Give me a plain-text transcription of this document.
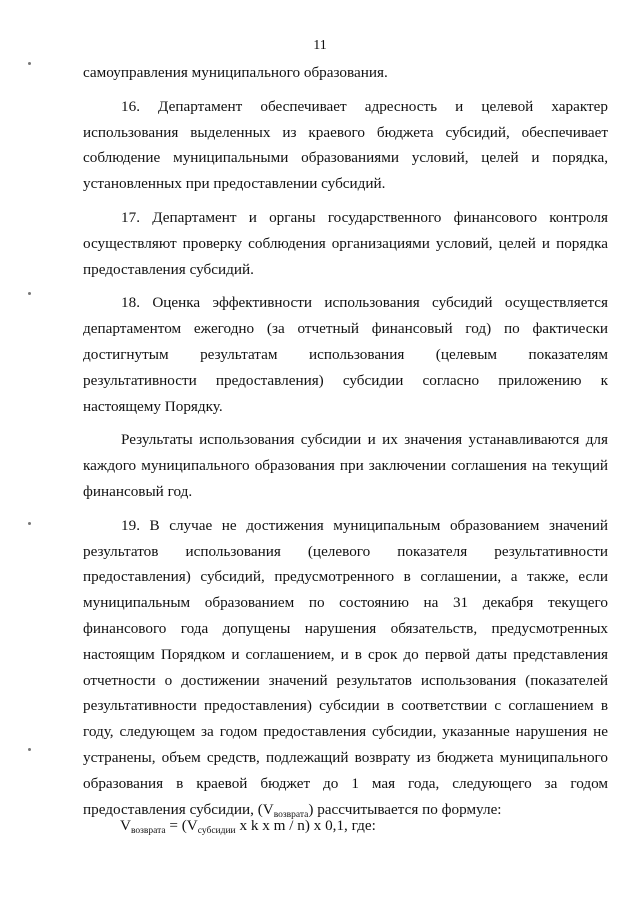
11

самоуправления муниципального образования.

16. Департамент обеспечивает адресность и целевой характер использования выделенных из краевого бюджета субсидий, обеспечивает соблюдение муниципальными образованиями условий, целей и порядка, установленных при предоставлении субсидий.

17. Департамент и органы государственного финансового контроля осуществляют проверку соблюдения организациями условий, целей и порядка предоставления субсидий.

18. Оценка эффективности использования субсидий осуществляется департаментом ежегодно (за отчетный финансовый год) по фактически достигнутым результатам использования (целевым показателям результативности предоставления) субсидии согласно приложению к настоящему Порядку.

Результаты использования субсидии и их значения устанавливаются для каждого муниципального образования при заключении соглашения на текущий финансовый год.

19. В случае не достижения муниципальным образованием значений результатов использования (целевого показателя результативности предоставления) субсидий, предусмотренного в соглашении, а также, если муниципальным образованием по состоянию на 31 декабря текущего финансового года допущены нарушения обязательств, предусмотренных настоящим Порядком и соглашением, и в срок до первой даты представления отчетности о достижении значений результатов использования (показателей результативности предоставления) субсидии в соответствии с соглашением в году, следующем за годом предоставления субсидии, указанные нарушения не устранены, объем средств, подлежащий возврату из бюджета муниципального образования в краевой бюджет до 1 мая года, следующего за годом предоставления субсидии, (Vвозврата) рассчитывается по формуле:

$V_{возврата} = (V_{субсидии}$ x k x m / n) x 0,1, где:
